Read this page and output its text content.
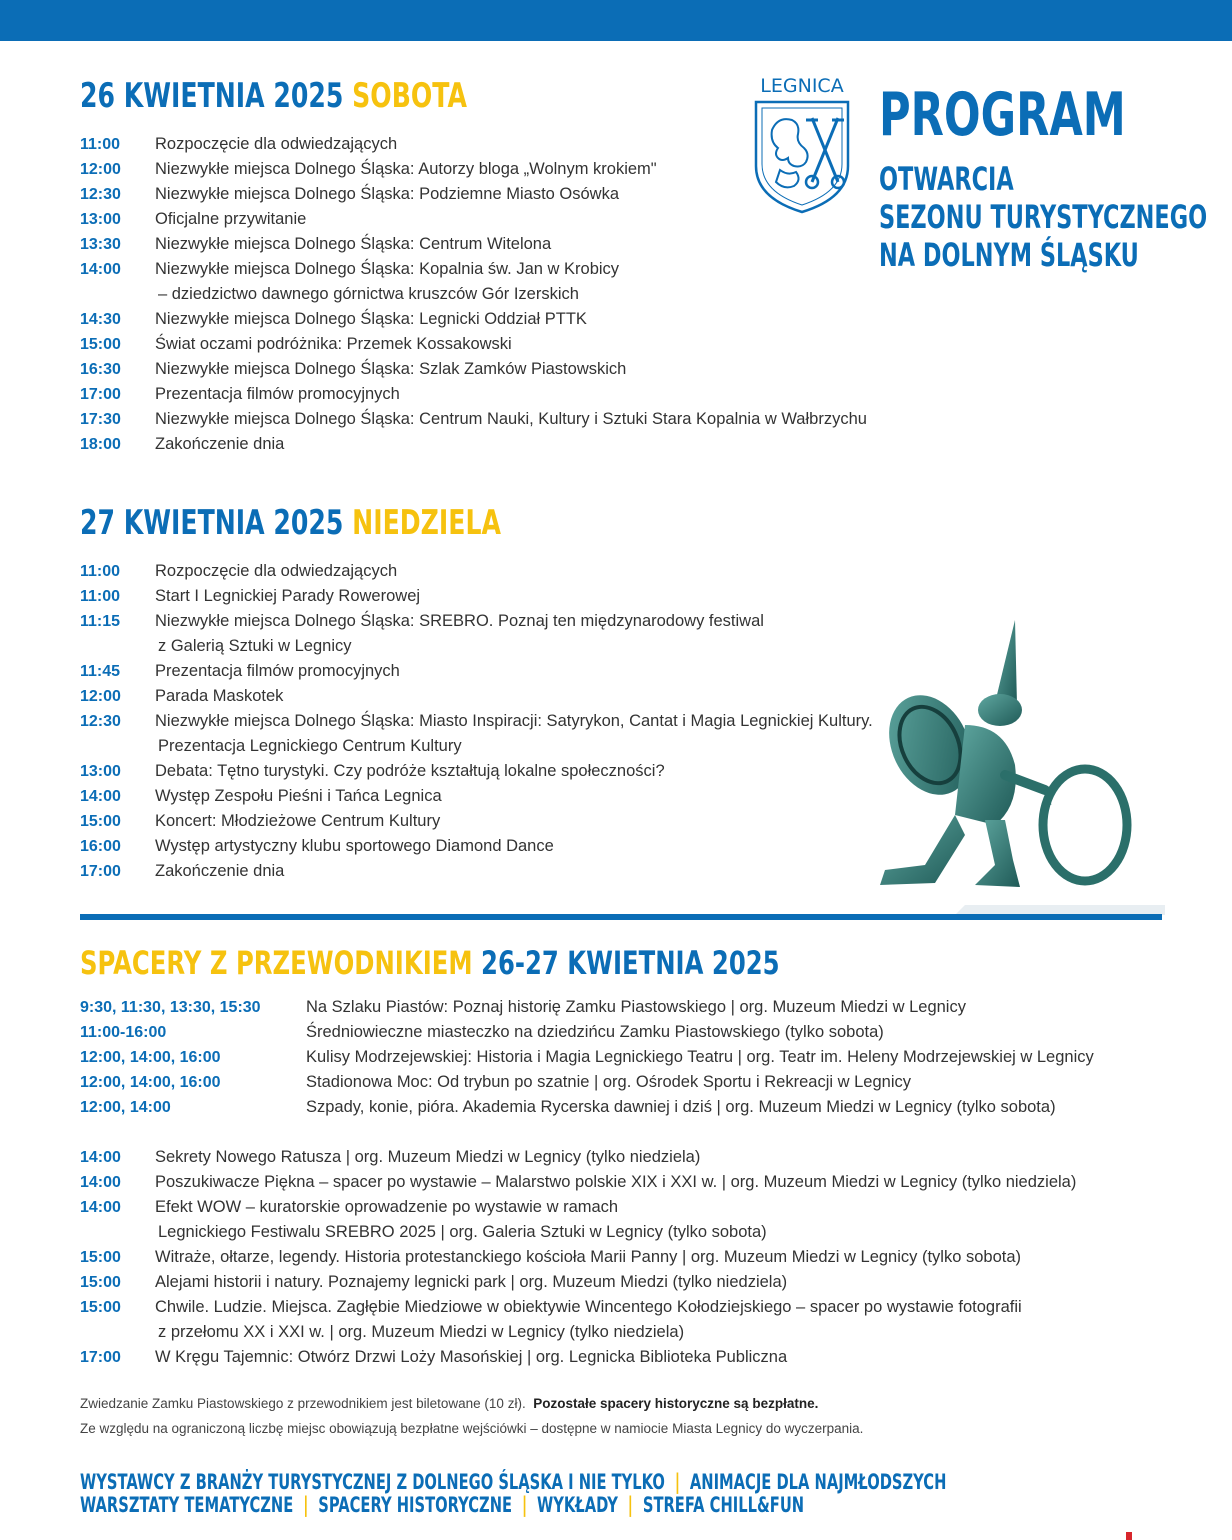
26 KWIETNIA 2025 SOBOTA
11:00	Rozpoczęcie dla odwiedzających
12:00	Niezwykłe miejsca Dolnego Śląska: Autorzy bloga „Wolnym krokiem"
12:30	Niezwykłe miejsca Dolnego Śląska: Podziemne Miasto Osówka
13:00	Oficjalne przywitanie
13:30	Niezwykłe miejsca Dolnego Śląska: Centrum Witelona
14:00	Niezwykłe miejsca Dolnego Śląska: Kopalnia św. Jan w Krobicy
– dziedzictwo dawnego górnictwa kruszców Gór Izerskich
14:30	Niezwykłe miejsca Dolnego Śląska: Legnicki Oddział PTTK
15:00	Świat oczami podróżnika: Przemek Kossakowski
16:30	Niezwykłe miejsca Dolnego Śląska: Szlak Zamków Piastowskich
17:00	Prezentacja filmów promocyjnych
17:30	Niezwykłe miejsca Dolnego Śląska: Centrum Nauki, Kultury i Sztuki Stara Kopalnia w Wałbrzychu
18:00	Zakończenie dnia
LEGNICA PROGRAM
OTWARCIA
SEZONU TURYSTYCZNEGO
NA DOLNYM ŚLĄSKU
27 KWIETNIA 2025 NIEDZIELA
11:00	Rozpoczęcie dla odwiedzających
11:00	Start I Legnickiej Parady Rowerowej
11:15	Niezwykłe miejsca Dolnego Śląska: SREBRO. Poznaj ten międzynarodowy festiwal
z Galerią Sztuki w Legnicy
11:45	Prezentacja filmów promocyjnych
12:00	Parada Maskotek
12:30	Niezwykłe miejsca Dolnego Śląska: Miasto Inspiracji: Satyrykon, Cantat i Magia Legnickiej Kultury.
Prezentacja Legnickiego Centrum Kultury
13:00	Debata: Tętno turystyki. Czy podróże kształtują lokalne społeczności?
14:00	Występ Zespołu Pieśni i Tańca Legnica
15:00	Koncert: Młodzieżowe Centrum Kultury
16:00	Występ artystyczny klubu sportowego Diamond Dance
17:00	Zakończenie dnia
SPACERY Z PRZEWODNIKIEM 26-27 KWIETNIA 2025
9:30, 11:30, 13:30, 15:30	Na Szlaku Piastów: Poznaj historię Zamku Piastowskiego | org. Muzeum Miedzi w Legnicy
11:00-16:00	Średniowieczne miasteczko na dziedzińcu Zamku Piastowskiego (tylko sobota)
12:00, 14:00, 16:00	Kulisy Modrzejewskiej: Historia i Magia Legnickiego Teatru | org. Teatr im. Heleny Modrzejewskiej w Legnicy
12:00, 14:00, 16:00	Stadionowa Moc: Od trybun po szatnie | org. Ośrodek Sportu i Rekreacji w Legnicy
12:00, 14:00	Szpady, konie, pióra. Akademia Rycerska dawniej i dziś | org. Muzeum Miedzi w Legnicy (tylko sobota)
14:00	Sekrety Nowego Ratusza | org. Muzeum Miedzi w Legnicy (tylko niedziela)
14:00	Poszukiwacze Piękna – spacer po wystawie – Malarstwo polskie XIX i XXI w. | org. Muzeum Miedzi w Legnicy (tylko niedziela)
14:00	Efekt WOW – kuratorskie oprowadzenie po wystawie w ramach
Legnickiego Festiwalu SREBRO 2025 | org. Galeria Sztuki w Legnicy (tylko sobota)
15:00	Witraże, ołtarze, legendy. Historia protestanckiego kościoła Marii Panny | org. Muzeum Miedzi w Legnicy (tylko sobota)
15:00	Alejami historii i natury. Poznajemy legnicki park | org. Muzeum Miedzi (tylko niedziela)
15:00	Chwile. Ludzie. Miejsca. Zagłębie Miedziowe w obiektywie Wincentego Kołodziejskiego – spacer po wystawie fotografii
z przełomu XX i XXI w. | org. Muzeum Miedzi w Legnicy (tylko niedziela)
17:00	W Kręgu Tajemnic: Otwórz Drzwi Loży Masońskiej | org. Legnicka Biblioteka Publiczna
Zwiedzanie Zamku Piastowskiego z przewodnikiem jest biletowane (10 zł). Pozostałe spacery historyczne są bezpłatne.
Ze względu na ograniczoną liczbę miejsc obowiązują bezpłatne wejściówki – dostępne w namiocie Miasta Legnicy do wyczerpania.
WYSTAWCY Z BRANŻY TURYSTYCZNEJ Z DOLNEGO ŚLĄSKA I NIE TYLKO | ANIMACJE DLA NAJMŁODSZYCH
WARSZTATY TEMATYCZNE | SPACERY HISTORYCZNE | WYKŁADY | STREFA CHILL&FUN
